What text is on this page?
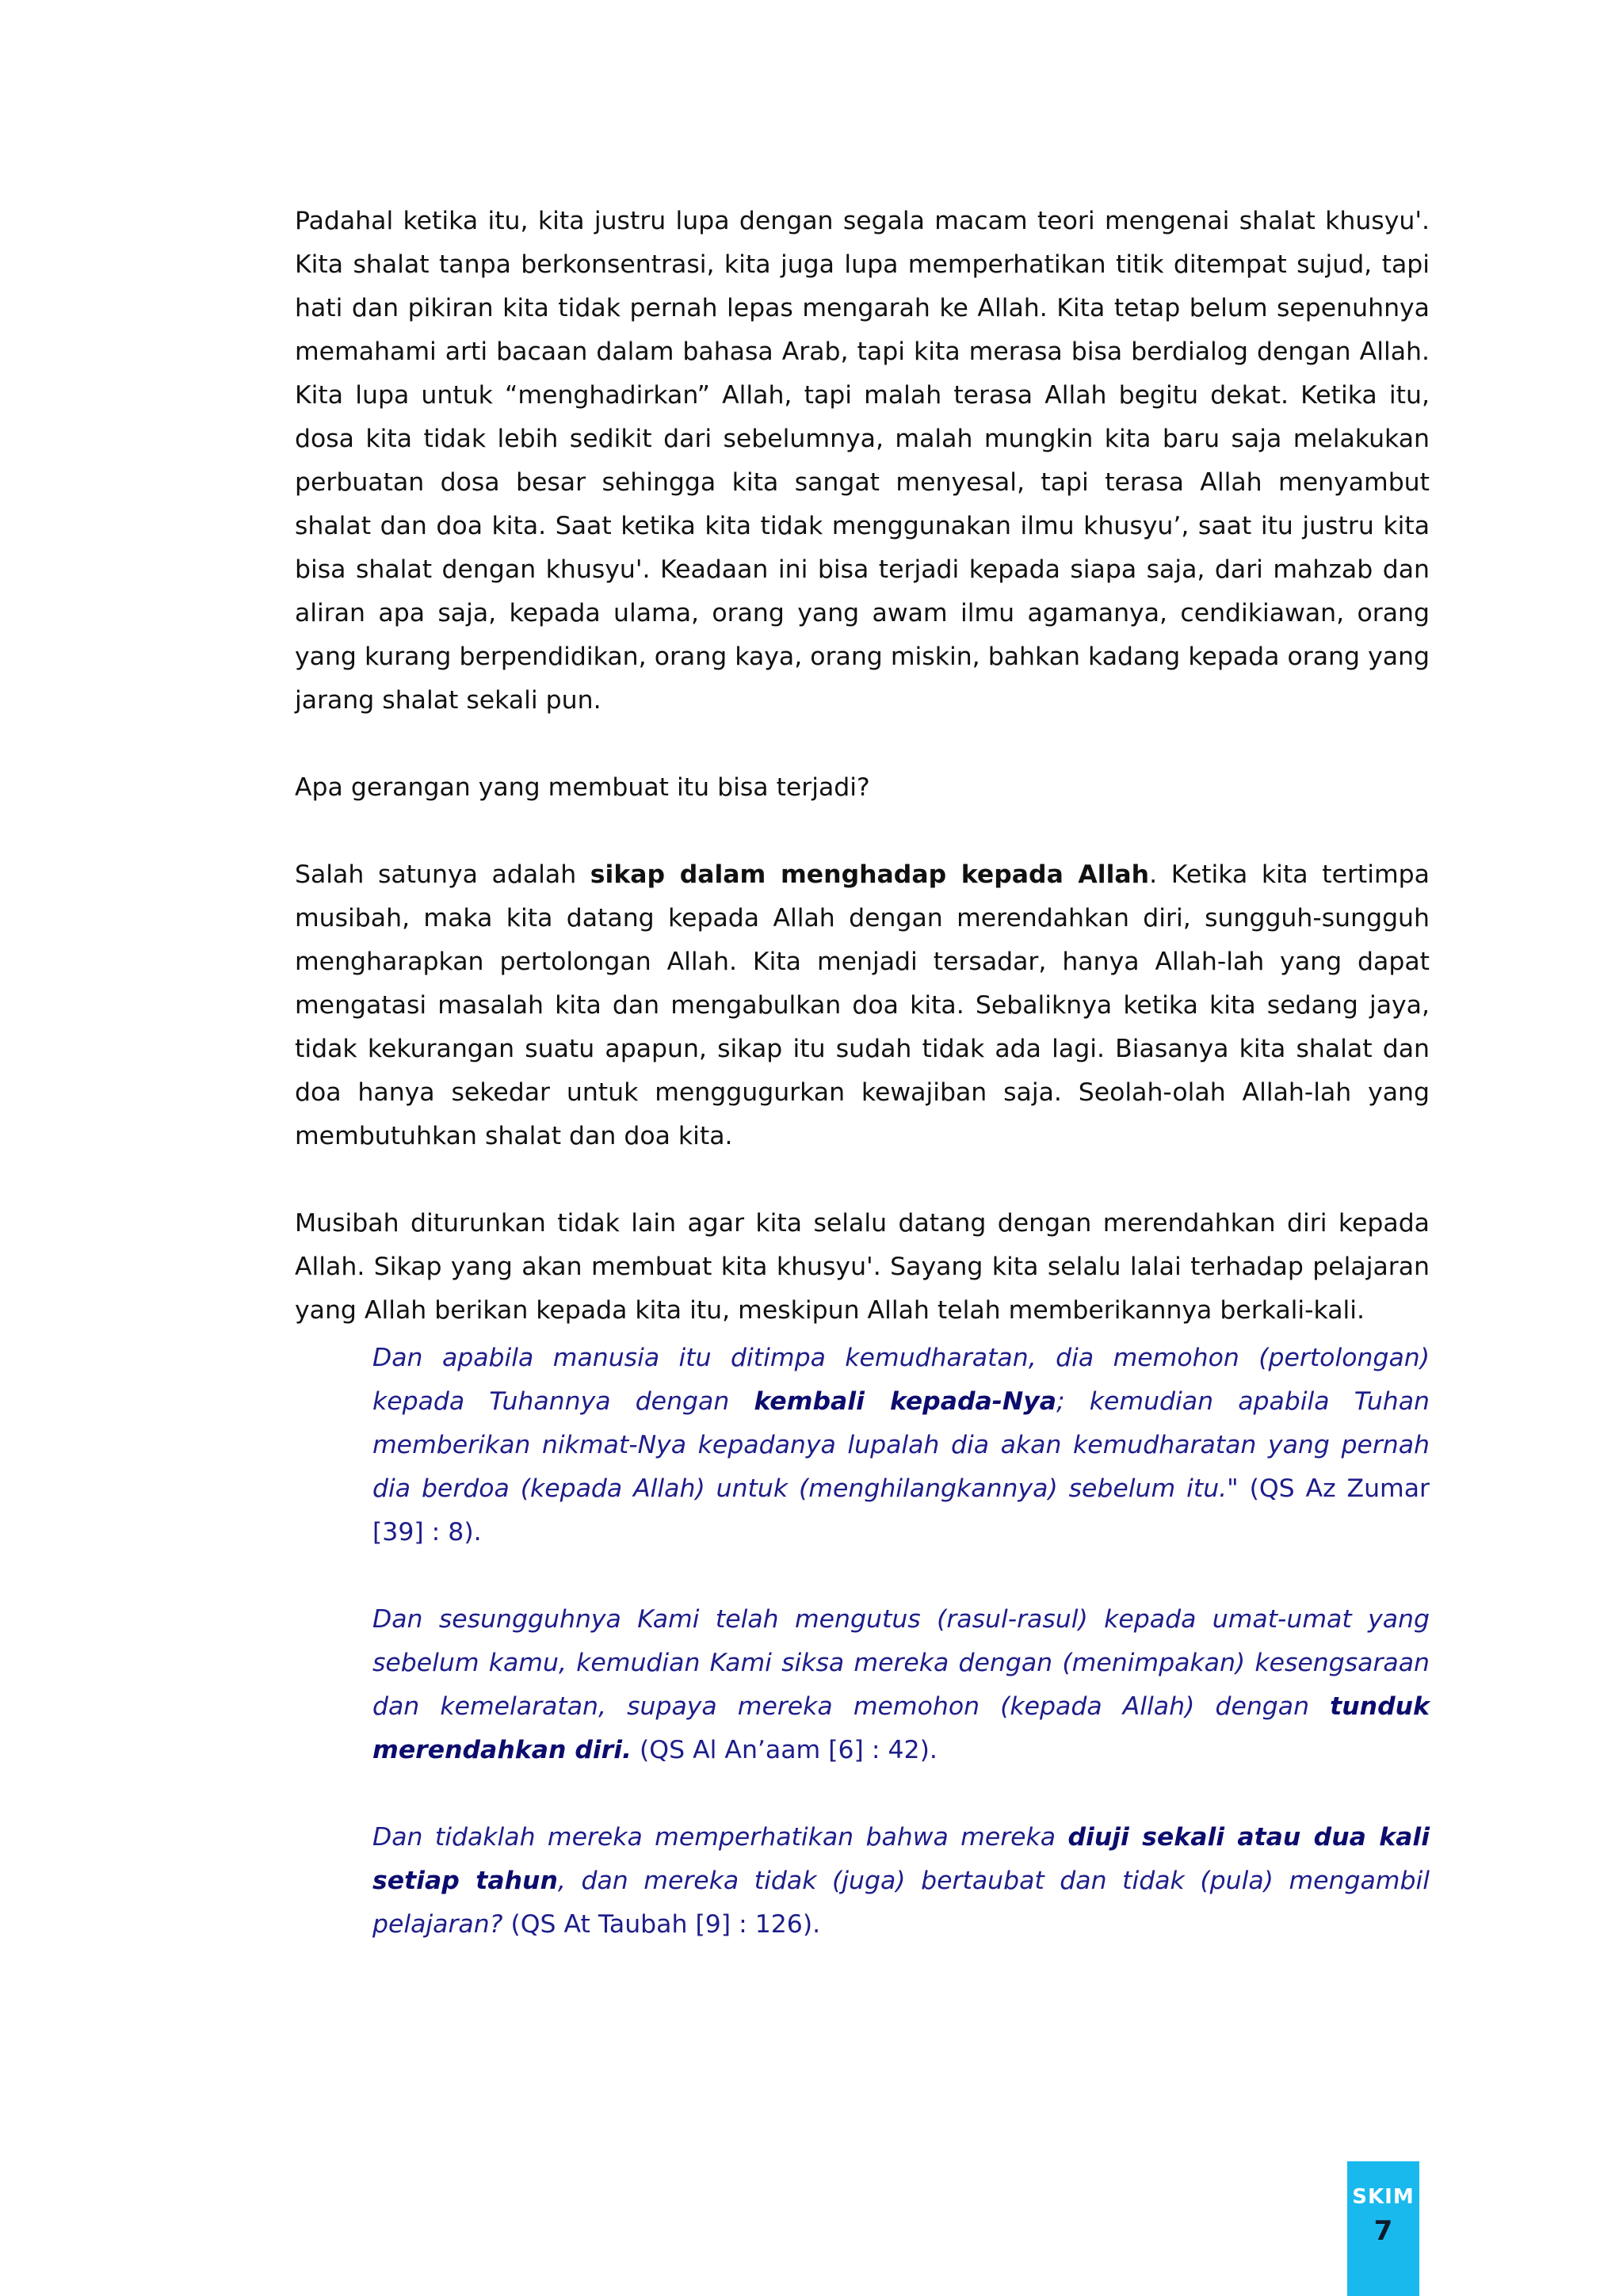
Padahal ketika itu, kita justru lupa dengan segala macam teori mengenai shalat khusyu'. Kita shalat tanpa berkonsentrasi, kita juga lupa memperhatikan titik ditempat sujud, tapi hati dan pikiran kita tidak pernah lepas mengarah ke Allah. Kita tetap belum sepenuhnya memahami arti bacaan dalam bahasa Arab, tapi kita merasa bisa berdialog dengan Allah. Kita lupa untuk “menghadirkan” Allah, tapi malah terasa Allah begitu dekat. Ketika itu, dosa kita tidak lebih sedikit dari sebelumnya, malah mungkin kita baru saja melakukan perbuatan dosa besar sehingga kita sangat menyesal, tapi terasa Allah menyambut shalat dan doa kita. Saat ketika kita tidak menggunakan ilmu khusyu’, saat itu justru kita bisa shalat dengan khusyu'. Keadaan ini bisa terjadi kepada siapa saja, dari mahzab dan aliran apa saja, kepada ulama, orang yang awam ilmu agamanya, cendikiawan, orang yang kurang berpendidikan, orang kaya, orang miskin, bahkan kadang kepada orang yang jarang shalat sekali pun.

Apa gerangan yang membuat itu bisa terjadi?

Salah satunya adalah sikap dalam menghadap kepada Allah. Ketika kita tertimpa musibah, maka kita datang kepada Allah dengan merendahkan diri, sungguh-sungguh mengharapkan pertolongan Allah. Kita menjadi tersadar, hanya Allah-lah yang dapat mengatasi masalah kita dan mengabulkan doa kita. Sebaliknya ketika kita sedang jaya, tidak kekurangan suatu apapun, sikap itu sudah tidak ada lagi. Biasanya kita shalat dan doa hanya sekedar untuk menggugurkan kewajiban saja. Seolah-olah Allah-lah yang membutuhkan shalat dan doa kita.

Musibah diturunkan tidak lain agar kita selalu datang dengan merendahkan diri kepada Allah. Sikap yang akan membuat kita khusyu'. Sayang kita selalu lalai terhadap pelajaran yang Allah berikan kepada kita itu, meskipun Allah telah memberikannya berkali-kali.

Dan apabila manusia itu ditimpa kemudharatan, dia memohon (pertolongan) kepada Tuhannya dengan kembali kepada-Nya; kemudian apabila Tuhan memberikan nikmat-Nya kepadanya lupalah dia akan kemudharatan yang pernah dia berdoa (kepada Allah) untuk (menghilangkannya) sebelum itu." (QS Az Zumar [39] : 8).

Dan sesungguhnya Kami telah mengutus (rasul-rasul) kepada umat-umat yang sebelum kamu, kemudian Kami siksa mereka dengan (menimpakan) kesengsaraan dan kemelaratan, supaya mereka memohon (kepada Allah) dengan tunduk merendahkan diri. (QS Al An’aam [6] : 42).

Dan tidaklah mereka memperhatikan bahwa mereka diuji sekali atau dua kali setiap tahun, dan mereka tidak (juga) bertaubat dan tidak (pula) mengambil pelajaran? (QS At Taubah [9] : 126).

SKIM
7
